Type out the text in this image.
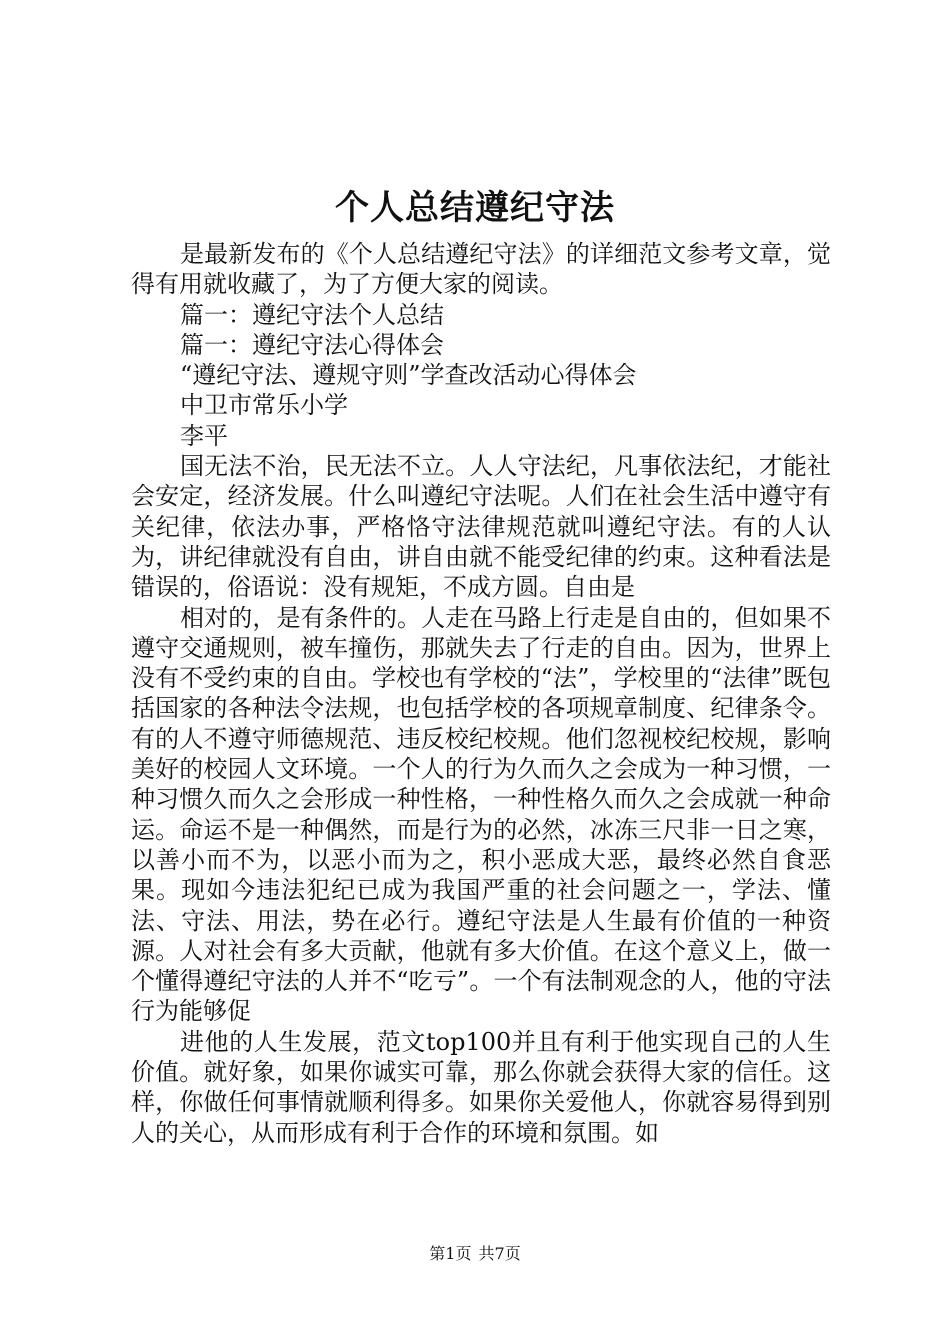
个人总结遵纪守法

是最新发布的《个人总结遵纪守法》的详细范文参考文章，觉得有用就收藏了，为了方便大家的阅读。

篇一：遵纪守法个人总结

篇一：遵纪守法心得体会

“遵纪守法、遵规守则”学查改活动心得体会

中卫市常乐小学

李平

国无法不治，民无法不立。人人守法纪，凡事依法纪，才能社会安定，经济发展。什么叫遵纪守法呢。人们在社会生活中遵守有关纪律，依法办事，严格恪守法律规范就叫遵纪守法。有的人认为，讲纪律就没有自由，讲自由就不能受纪律的约束。这种看法是错误的，俗语说：没有规矩，不成方圆。自由是

相对的，是有条件的。人走在马路上行走是自由的，但如果不遵守交通规则，被车撞伤，那就失去了行走的自由。因为，世界上没有不受约束的自由。学校也有学校的“法”，学校里的“法律”既包括国家的各种法令法规，也包括学校的各项规章制度、纪律条令。有的人不遵守师德规范、违反校纪校规。他们忽视校纪校规，影响美好的校园人文环境。一个人的行为久而久之会成为一种习惯，一种习惯久而久之会形成一种性格，一种性格久而久之会成就一种命运。命运不是一种偶然，而是行为的必然，冰冻三尺非一日之寒，以善小而不为，以恶小而为之，积小恶成大恶，最终必然自食恶果。现如今违法犯纪已成为我国严重的社会问题之一，学法、懂法、守法、用法，势在必行。遵纪守法是人生最有价值的一种资源。人对社会有多大贡献，他就有多大价值。在这个意义上，做一个懂得遵纪守法的人并不“吃亏”。一个有法制观念的人，他的守法行为能够促

进他的人生发展，范文top100并且有利于他实现自己的人生价值。就好象，如果你诚实可靠，那么你就会获得大家的信任。这样，你做任何事情就顺利得多。如果你关爱他人，你就容易得到别人的关心，从而形成有利于合作的环境和氛围。如

第1页 共7页
